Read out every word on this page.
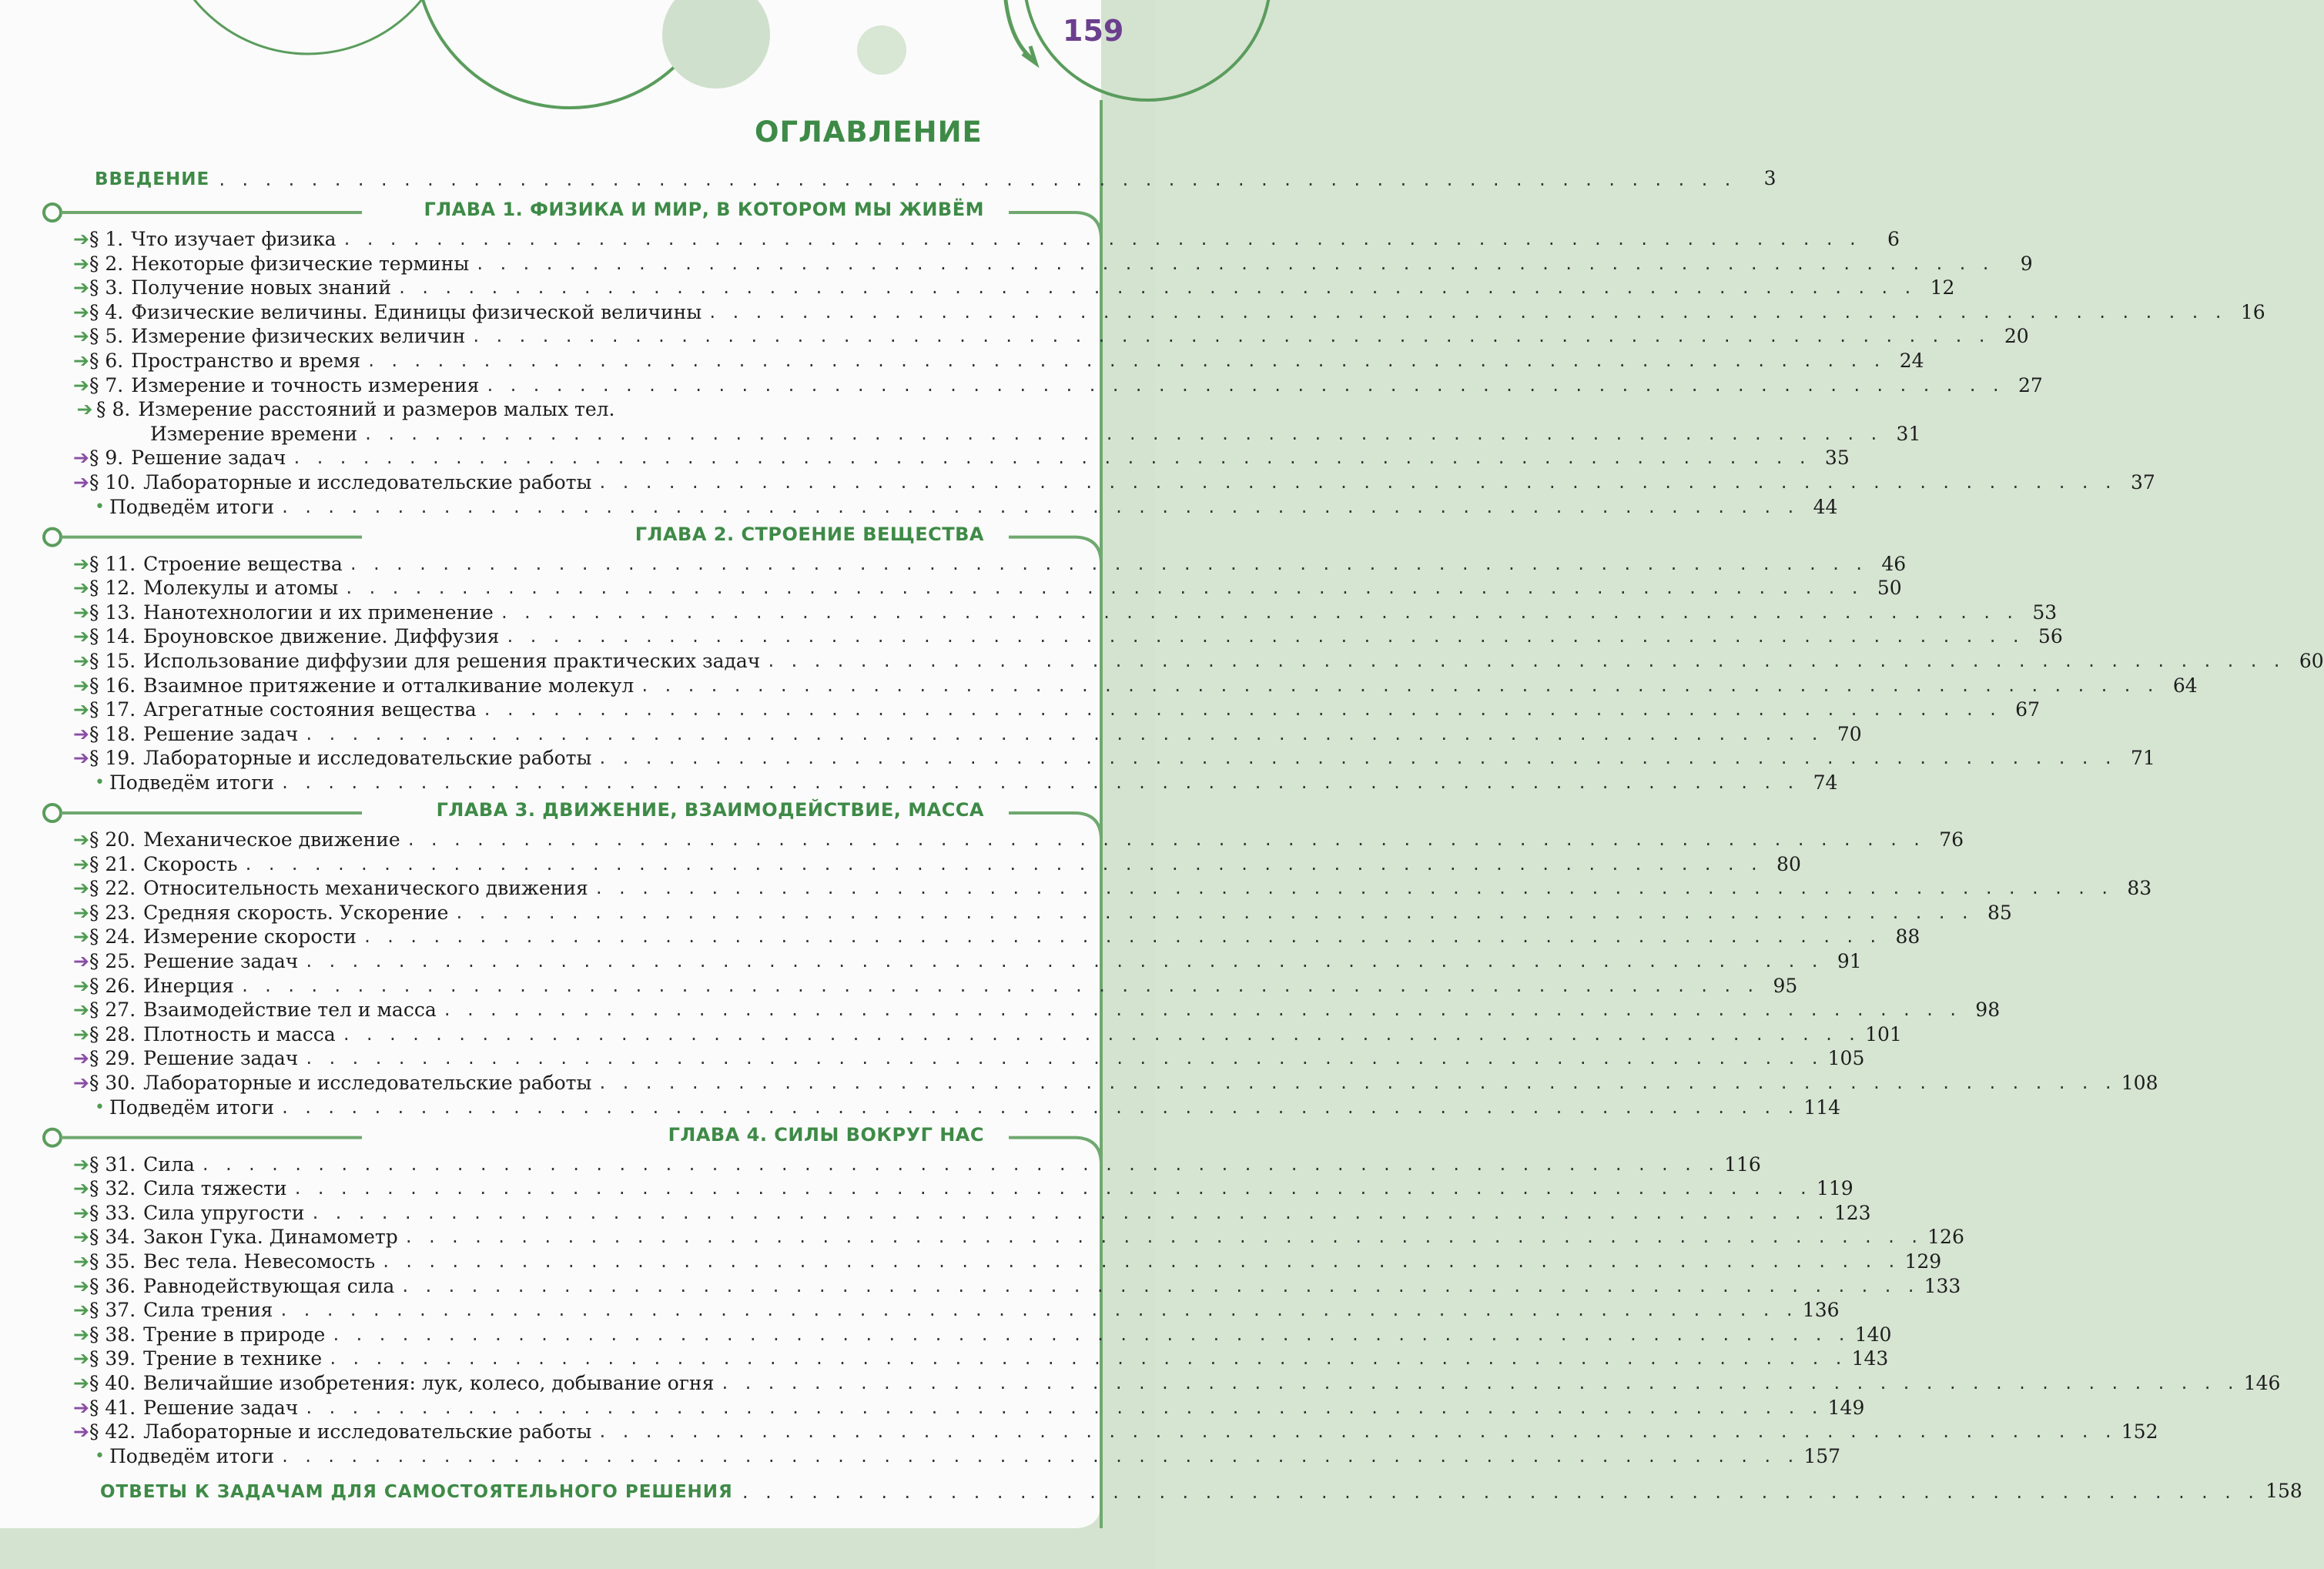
159
ОГЛАВЛЕНИЕ
ВВЕДЕНИЕ . . . . . . . . . . . . . . . . . . . . . . . . . . . . . . . . . . . . . . . . . . . . . . . . . . . . . . . . . . . . . . . . . .	3
ГЛАВА 1. ФИЗИКА И МИР, В КОТОРОМ МЫ ЖИВЁМ
➔ § 1. Что изучает физика . . . . . . . . . . . . . . . . . . . . . . . . . . . . . . . . . . . . . . . . . . . . . . . . . . . . . . . . . . . . . . . . . .	6
➔ § 2. Некоторые физические термины . . . . . . . . . . . . . . . . . . . . . . . . . . . . . . . . . . . . . . . . . . . . . . . . . . . . . . . . . . . . . . . . . .	9
➔ § 3. Получение новых знаний . . . . . . . . . . . . . . . . . . . . . . . . . . . . . . . . . . . . . . . . . . . . . . . . . . . . . . . . . . . . . . . . . . 12
➔ § 4. Физические величины. Единицы физической величины . . . . . . . . . . . . . . . . . . . . . . . . . . . . . . . . . . . . . . . . . . . . . . . . . . . . . . . . . . . . . . . . . . 16
➔ § 5. Измерение физических величин . . . . . . . . . . . . . . . . . . . . . . . . . . . . . . . . . . . . . . . . . . . . . . . . . . . . . . . . . . . . . . . . . . 20
➔ § 6. Пространство и время . . . . . . . . . . . . . . . . . . . . . . . . . . . . . . . . . . . . . . . . . . . . . . . . . . . . . . . . . . . . . . . . . . 24
➔ § 7. Измерение и точность измерения . . . . . . . . . . . . . . . . . . . . . . . . . . . . . . . . . . . . . . . . . . . . . . . . . . . . . . . . . . . . . . . . . . 27
➔ § 8. Измерение расстояний и размеров малых тел.
Измерение времени . . . . . . . . . . . . . . . . . . . . . . . . . . . . . . . . . . . . . . . . . . . . . . . . . . . . . . . . . . . . . . . . . . 31
➔ § 9. Решение задач . . . . . . . . . . . . . . . . . . . . . . . . . . . . . . . . . . . . . . . . . . . . . . . . . . . . . . . . . . . . . . . . . . 35
➔ § 10. Лабораторные и исследовательские работы . . . . . . . . . . . . . . . . . . . . . . . . . . . . . . . . . . . . . . . . . . . . . . . . . . . . . . . . . . . . . . . . . . 37
• Подведём итоги . . . . . . . . . . . . . . . . . . . . . . . . . . . . . . . . . . . . . . . . . . . . . . . . . . . . . . . . . . . . . . . . . . 44
ГЛАВА 2. СТРОЕНИЕ ВЕЩЕСТВА
➔ § 11. Строение вещества . . . . . . . . . . . . . . . . . . . . . . . . . . . . . . . . . . . . . . . . . . . . . . . . . . . . . . . . . . . . . . . . . . 46
➔ § 12. Молекулы и атомы . . . . . . . . . . . . . . . . . . . . . . . . . . . . . . . . . . . . . . . . . . . . . . . . . . . . . . . . . . . . . . . . . . 50
➔ § 13. Нанотехнологии и их применение . . . . . . . . . . . . . . . . . . . . . . . . . . . . . . . . . . . . . . . . . . . . . . . . . . . . . . . . . . . . . . . . . . 53
➔ § 14. Броуновское движение. Диффузия . . . . . . . . . . . . . . . . . . . . . . . . . . . . . . . . . . . . . . . . . . . . . . . . . . . . . . . . . . . . . . . . . . 56
➔ § 15. Использование диффузии для решения практических задач . . . . . . . . . . . . . . . . . . . . . . . . . . . . . . . . . . . . . . . . . . . . . . . . . . . . . . . . . . . . . . . . . . 60
➔ § 16. Взаимное притяжение и отталкивание молекул . . . . . . . . . . . . . . . . . . . . . . . . . . . . . . . . . . . . . . . . . . . . . . . . . . . . . . . . . . . . . . . . . . 64
➔ § 17. Агрегатные состояния вещества . . . . . . . . . . . . . . . . . . . . . . . . . . . . . . . . . . . . . . . . . . . . . . . . . . . . . . . . . . . . . . . . . . 67
➔ § 18. Решение задач . . . . . . . . . . . . . . . . . . . . . . . . . . . . . . . . . . . . . . . . . . . . . . . . . . . . . . . . . . . . . . . . . . 70
➔ § 19. Лабораторные и исследовательские работы . . . . . . . . . . . . . . . . . . . . . . . . . . . . . . . . . . . . . . . . . . . . . . . . . . . . . . . . . . . . . . . . . . 71
• Подведём итоги . . . . . . . . . . . . . . . . . . . . . . . . . . . . . . . . . . . . . . . . . . . . . . . . . . . . . . . . . . . . . . . . . . 74
ГЛАВА 3. ДВИЖЕНИЕ, ВЗАИМОДЕЙСТВИЕ, МАССА
➔ § 20. Механическое движение . . . . . . . . . . . . . . . . . . . . . . . . . . . . . . . . . . . . . . . . . . . . . . . . . . . . . . . . . . . . . . . . . . 76
➔ § 21. Скорость . . . . . . . . . . . . . . . . . . . . . . . . . . . . . . . . . . . . . . . . . . . . . . . . . . . . . . . . . . . . . . . . . . 80
➔ § 22. Относительность механического движения . . . . . . . . . . . . . . . . . . . . . . . . . . . . . . . . . . . . . . . . . . . . . . . . . . . . . . . . . . . . . . . . . . 83
➔ § 23. Средняя скорость. Ускорение . . . . . . . . . . . . . . . . . . . . . . . . . . . . . . . . . . . . . . . . . . . . . . . . . . . . . . . . . . . . . . . . . . 85
➔ § 24. Измерение скорости . . . . . . . . . . . . . . . . . . . . . . . . . . . . . . . . . . . . . . . . . . . . . . . . . . . . . . . . . . . . . . . . . . 88
➔ § 25. Решение задач . . . . . . . . . . . . . . . . . . . . . . . . . . . . . . . . . . . . . . . . . . . . . . . . . . . . . . . . . . . . . . . . . . 91
➔ § 26. Инерция . . . . . . . . . . . . . . . . . . . . . . . . . . . . . . . . . . . . . . . . . . . . . . . . . . . . . . . . . . . . . . . . . . 95
➔ § 27. Взаимодействие тел и масса . . . . . . . . . . . . . . . . . . . . . . . . . . . . . . . . . . . . . . . . . . . . . . . . . . . . . . . . . . . . . . . . . . 98
➔ § 28. Плотность и масса . . . . . . . . . . . . . . . . . . . . . . . . . . . . . . . . . . . . . . . . . . . . . . . . . . . . . . . . . . . . . . . . . . 101
➔ § 29. Решение задач . . . . . . . . . . . . . . . . . . . . . . . . . . . . . . . . . . . . . . . . . . . . . . . . . . . . . . . . . . . . . . . . . . 105
➔ § 30. Лабораторные и исследовательские работы . . . . . . . . . . . . . . . . . . . . . . . . . . . . . . . . . . . . . . . . . . . . . . . . . . . . . . . . . . . . . . . . . . 108
• Подведём итоги . . . . . . . . . . . . . . . . . . . . . . . . . . . . . . . . . . . . . . . . . . . . . . . . . . . . . . . . . . . . . . . . . . 114
ГЛАВА 4. СИЛЫ ВОКРУГ НАС
➔ § 31. Сила . . . . . . . . . . . . . . . . . . . . . . . . . . . . . . . . . . . . . . . . . . . . . . . . . . . . . . . . . . . . . . . . . . 116
➔ § 32. Сила тяжести . . . . . . . . . . . . . . . . . . . . . . . . . . . . . . . . . . . . . . . . . . . . . . . . . . . . . . . . . . . . . . . . . . 119
➔ § 33. Сила упругости . . . . . . . . . . . . . . . . . . . . . . . . . . . . . . . . . . . . . . . . . . . . . . . . . . . . . . . . . . . . . . . . . . 123
➔ § 34. Закон Гука. Динамометр . . . . . . . . . . . . . . . . . . . . . . . . . . . . . . . . . . . . . . . . . . . . . . . . . . . . . . . . . . . . . . . . . . 126
➔ § 35. Вес тела. Невесомость . . . . . . . . . . . . . . . . . . . . . . . . . . . . . . . . . . . . . . . . . . . . . . . . . . . . . . . . . . . . . . . . . . 129
➔ § 36. Равнодействующая сила . . . . . . . . . . . . . . . . . . . . . . . . . . . . . . . . . . . . . . . . . . . . . . . . . . . . . . . . . . . . . . . . . . 133
➔ § 37. Сила трения . . . . . . . . . . . . . . . . . . . . . . . . . . . . . . . . . . . . . . . . . . . . . . . . . . . . . . . . . . . . . . . . . . 136
➔ § 38. Трение в природе . . . . . . . . . . . . . . . . . . . . . . . . . . . . . . . . . . . . . . . . . . . . . . . . . . . . . . . . . . . . . . . . . . 140
➔ § 39. Трение в технике . . . . . . . . . . . . . . . . . . . . . . . . . . . . . . . . . . . . . . . . . . . . . . . . . . . . . . . . . . . . . . . . . . 143
➔ § 40. Величайшие изобретения: лук, колесо, добывание огня . . . . . . . . . . . . . . . . . . . . . . . . . . . . . . . . . . . . . . . . . . . . . . . . . . . . . . . . . . . . . . . . . . 146
➔ § 41. Решение задач . . . . . . . . . . . . . . . . . . . . . . . . . . . . . . . . . . . . . . . . . . . . . . . . . . . . . . . . . . . . . . . . . . 149
➔ § 42. Лабораторные и исследовательские работы . . . . . . . . . . . . . . . . . . . . . . . . . . . . . . . . . . . . . . . . . . . . . . . . . . . . . . . . . . . . . . . . . . 152
• Подведём итоги . . . . . . . . . . . . . . . . . . . . . . . . . . . . . . . . . . . . . . . . . . . . . . . . . . . . . . . . . . . . . . . . . . 157
ОТВЕТЫ К ЗАДАЧАМ ДЛЯ САМОСТОЯТЕЛЬНОГО РЕШЕНИЯ . . . . . . . . . . . . . . . . . . . . . . . . . . . . . . . . . . . . . . . . . . . . . . . . . . . . . . . . . . . . . . . . . . 158
